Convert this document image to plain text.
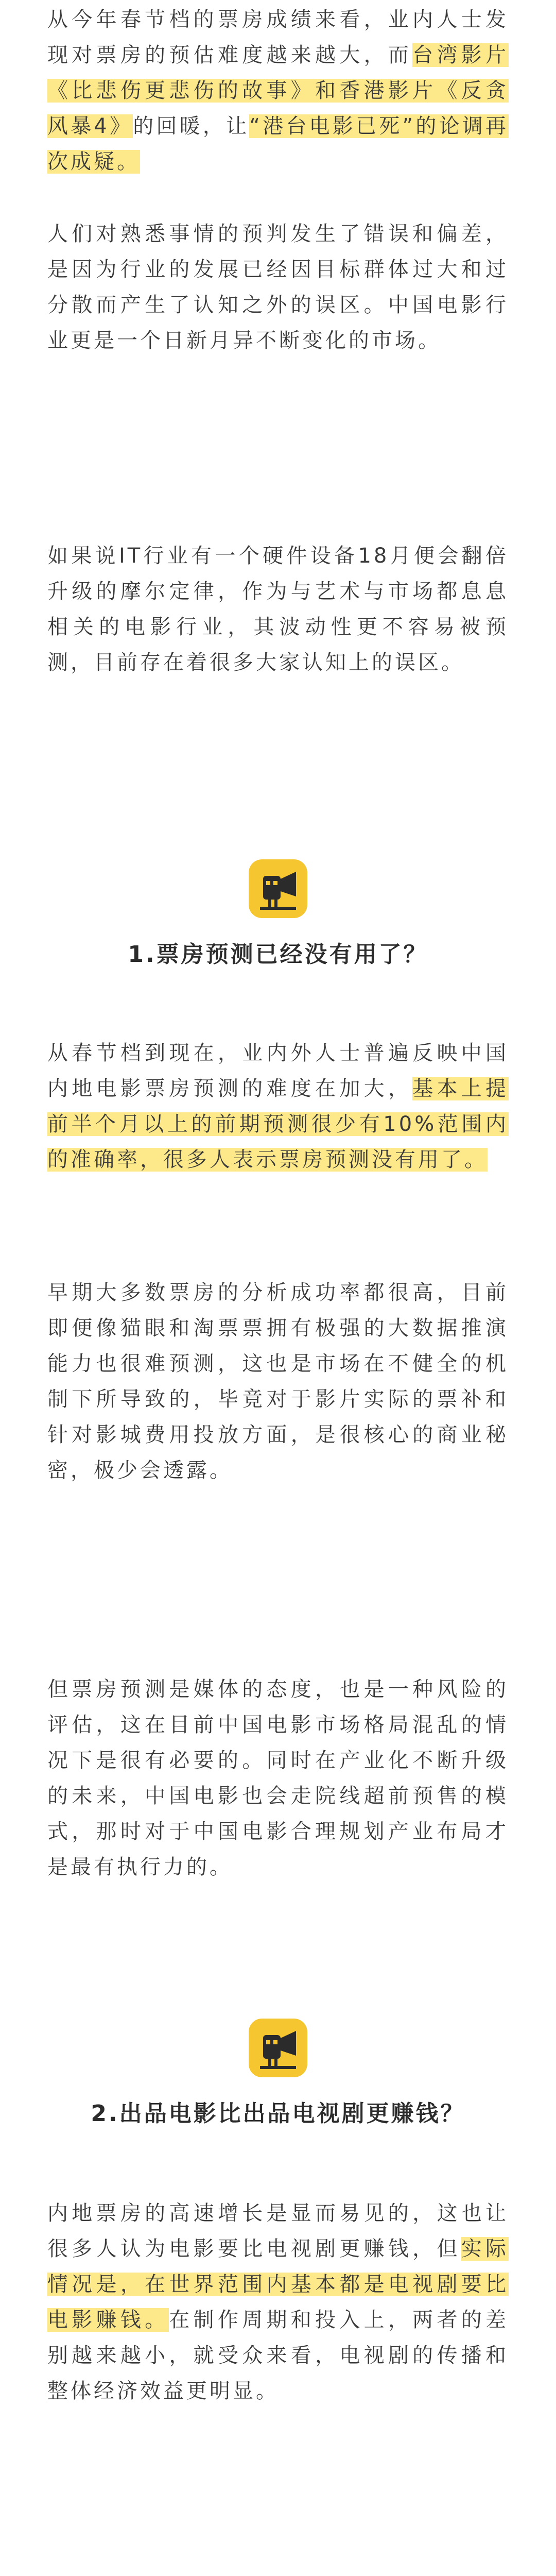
从今年春节档的票房成绩来看，业内人士发现对票房的预估难度越来越大，而台湾影片《比悲伤更悲伤的故事》和香港影片《反贪风暴4》的回暖，让“港台电影已死”的论调再次成疑。

人们对熟悉事情的预判发生了错误和偏差，是因为行业的发展已经因目标群体过大和过分散而产生了认知之外的误区。中国电影行业更是一个日新月异不断变化的市场。

如果说IT行业有一个硬件设备18月便会翻倍升级的摩尔定律，作为与艺术与市场都息息相关的电影行业，其波动性更不容易被预测，目前存在着很多大家认知上的误区。

1.票房预测已经没有用了？

从春节档到现在，业内外人士普遍反映中国内地电影票房预测的难度在加大，基本上提前半个月以上的前期预测很少有10%范围内的准确率，很多人表示票房预测没有用了。

早期大多数票房的分析成功率都很高，目前即便像猫眼和淘票票拥有极强的大数据推演能力也很难预测，这也是市场在不健全的机制下所导致的，毕竟对于影片实际的票补和针对影城费用投放方面，是很核心的商业秘密，极少会透露。

但票房预测是媒体的态度，也是一种风险的评估，这在目前中国电影市场格局混乱的情况下是很有必要的。同时在产业化不断升级的未来，中国电影也会走院线超前预售的模式，那时对于中国电影合理规划产业布局才是最有执行力的。

2.出品电影比出品电视剧更赚钱？

内地票房的高速增长是显而易见的，这也让很多人认为电影要比电视剧更赚钱，但实际情况是，在世界范围内基本都是电视剧要比电影赚钱。在制作周期和投入上，两者的差别越来越小，就受众来看，电视剧的传播和整体经济效益更明显。
